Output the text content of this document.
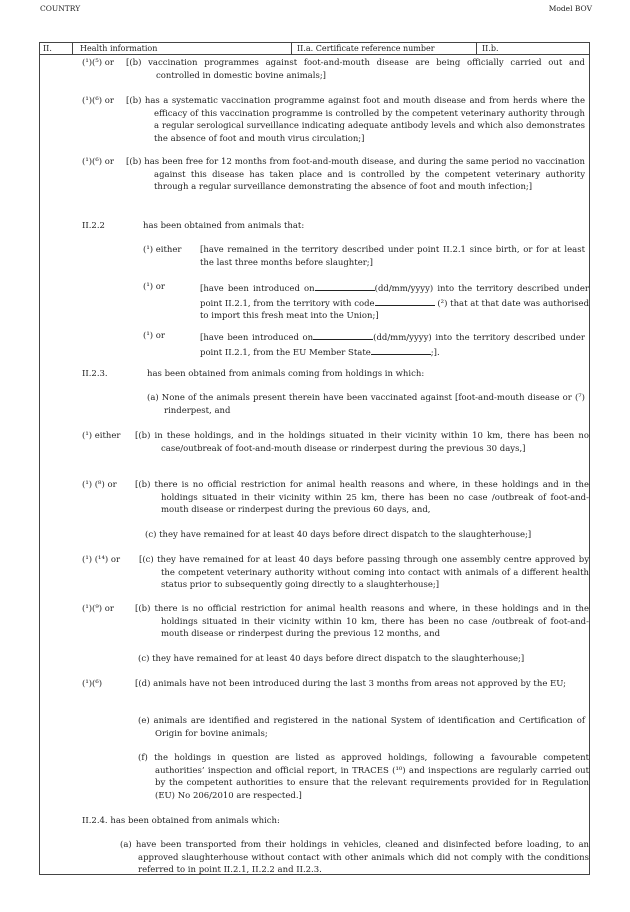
COUNTRY	Model BOV
II.	Health information	II.a. Certificate reference number	II.b.
(¹)(⁵) or [(b) vaccination programmes against foot-and-mouth disease are being officially carried out and controlled in domestic bovine animals;]
(¹)(⁶) or [(b) has a systematic vaccination programme against foot and mouth disease and from herds where the efficacy of this vaccination programme is controlled by the competent veterinary authority through a regular serological surveillance indicating adequate antibody levels and which also demonstrates the absence of foot and mouth virus circulation;]
(¹)(⁶) or [(b) has been free for 12 months from foot-and-mouth disease, and during the same period no vaccination against this disease has taken place and is controlled by the competent veterinary authority through a regular surveillance demonstrating the absence of foot and mouth infection;]
II.2.2	has been obtained from animals that:
(¹) either [have remained in the territory described under point II.2.1 since birth, or for at least the last three months before slaughter;]
(¹) or	[have been introduced on	(dd/mm/yyyy) into the territory described under point II.2.1, from the territory with code	(²) that at that date was authorised to import this fresh meat into the Union;]
(¹) or	[have been introduced on	(dd/mm/yyyy) into the territory described under point II.2.1, from the EU Member State	;].
II.2.3.	has been obtained from animals coming from holdings in which:
(a) None of the animals present therein have been vaccinated against [foot-and-mouth disease or (⁷) rinderpest, and
(¹) either [(b) in these holdings, and in the holdings situated in their vicinity within 10 km, there has been no case/outbreak of foot-and-mouth disease or rinderpest during the previous 30 days,]
(¹) (⁸) or [(b) there is no official restriction for animal health reasons and where, in these holdings and in the holdings situated in their vicinity within 25 km, there has been no case /outbreak of foot-and-mouth disease or rinderpest during the previous 60 days, and,
(c) they have remained for at least 40 days before direct dispatch to the slaughterhouse;]
(¹) (¹⁴) or [(c) they have remained for at least 40 days before passing through one assembly centre approved by the competent veterinary authority without coming into contact with animals of a different health status prior to subsequently going directly to a slaughterhouse;]
(¹)(⁹) or [(b) there is no official restriction for animal health reasons and where, in these holdings and in the holdings situated in their vicinity within 10 km, there has been no case /outbreak of foot-and-mouth disease or rinderpest during the previous 12 months, and
(c) they have remained for at least 40 days before direct dispatch to the slaughterhouse;]
(¹)(⁶)	[(d) animals have not been introduced during the last 3 months from areas not approved by the EU;
(e) animals are identified and registered in the national System of identification and Certification of Origin for bovine animals;
(f) the holdings in question are listed as approved holdings, following a favourable competent authorities’ inspection and official report, in TRACES (¹⁰) and inspections are regularly carried out by the competent authorities to ensure that the relevant requirements provided for in Regulation (EU) No 206/2010 are respected.]
II.2.4. has been obtained from animals which:
(a) have been transported from their holdings in vehicles, cleaned and disinfected before loading, to an approved slaughterhouse without contact with other animals which did not comply with the conditions referred to in point II.2.1, II.2.2 and II.2.3.
